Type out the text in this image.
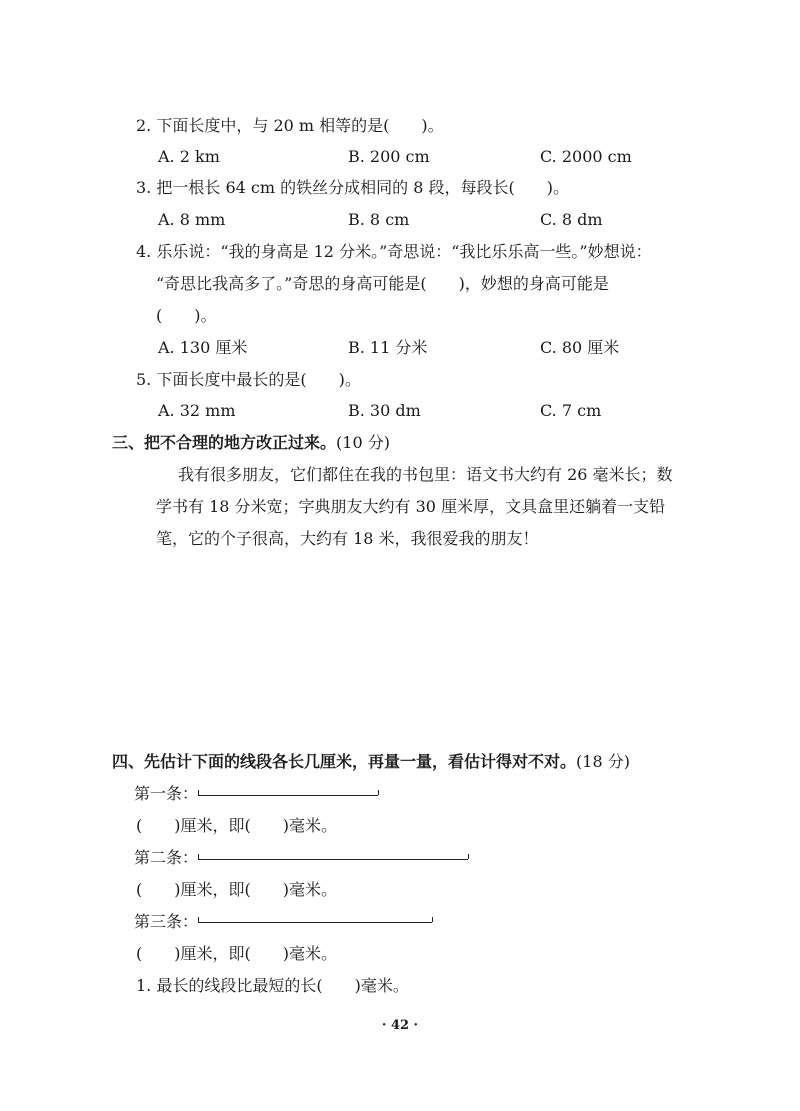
2. 下面长度中，与 20 m 相等的是(　　)。
A. 2 km	B. 200 cm	C. 2000 cm
3. 把一根长 64 cm 的铁丝分成相同的 8 段，每段长(　　)。
A. 8 mm	B. 8 cm	C. 8 dm
4. 乐乐说：“我的身高是 12 分米。”奇思说：“我比乐乐高一些。”妙想说：
“奇思比我高多了。”奇思的身高可能是(　　)，妙想的身高可能是
(　　)。
A. 130 厘米	B. 11 分米	C. 80 厘米
5. 下面长度中最长的是(　　)。
A. 32 mm	B. 30 dm	C. 7 cm
三、把不合理的地方改正过来。(10 分)
我有很多朋友，它们都住在我的书包里：语文书大约有 26 毫米长；数
学书有 18 分米宽；字典朋友大约有 30 厘米厚，文具盒里还躺着一支铅
笔，它的个子很高，大约有 18 米，我很爱我的朋友！
四、先估计下面的线段各长几厘米，再量一量，看估计得对不对。(18 分)
第一条：
(　　)厘米，即(　　)毫米。
第二条：
(　　)厘米，即(　　)毫米。
第三条：
(　　)厘米，即(　　)毫米。
1. 最长的线段比最短的长(　　)毫米。
· 42 ·
